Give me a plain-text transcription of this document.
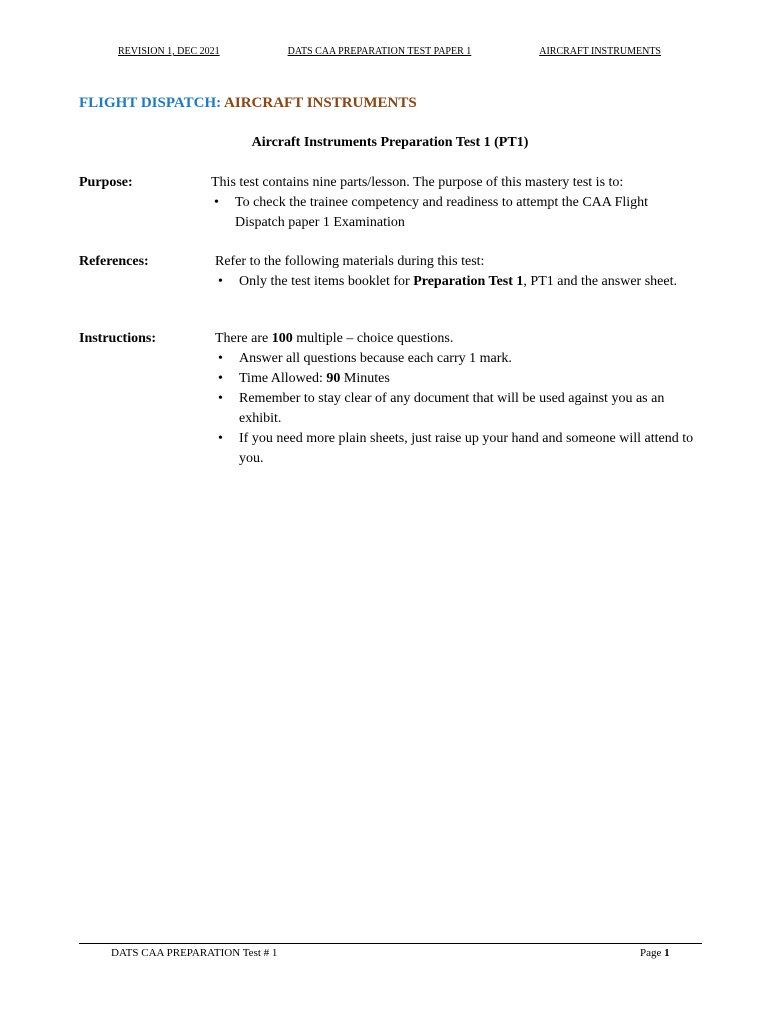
REVISION 1, DEC 2021	DATS CAA PREPARATION TEST PAPER 1	AIRCRAFT INSTRUMENTS
FLIGHT DISPATCH: AIRCRAFT INSTRUMENTS
Aircraft Instruments Preparation Test 1 (PT1)
Purpose:	This test contains nine parts/lesson. The purpose of this mastery test is to:

• To check the trainee competency and readiness to attempt the CAA Flight Dispatch paper 1 Examination
References:	Refer to the following materials during this test:

• Only the test items booklet for Preparation Test 1, PT1 and the answer sheet.
Instructions:	There are 100 multiple – choice questions.

• Answer all questions because each carry 1 mark.
• Time Allowed: 90 Minutes
• Remember to stay clear of any document that will be used against you as an exhibit.
• If you need more plain sheets, just raise up your hand and someone will attend to you.
DATS CAA PREPARATION Test # 1	Page 1
